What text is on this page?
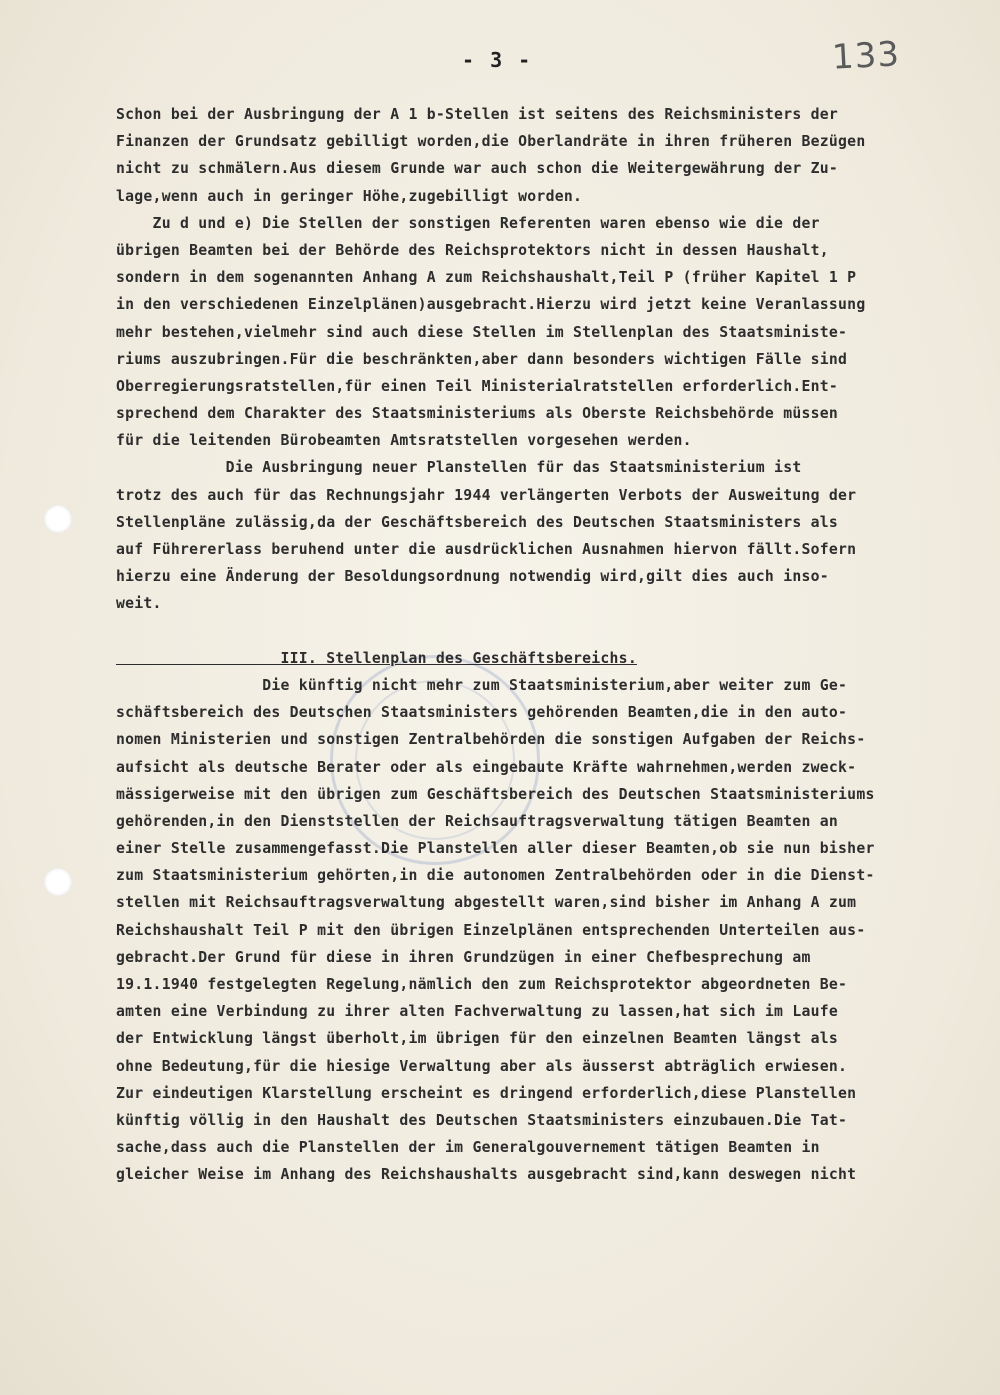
- 3 -	133
Schon bei der Ausbringung der A 1 b-Stellen ist seitens des Reichsministers der
Finanzen der Grundsatz gebilligt worden,die Oberlandräte in ihren früheren Bezügen
nicht zu schmälern.Aus diesem Grunde war auch schon die Weitergewährung der Zu-
lage,wenn auch in geringer Höhe,zugebilligt worden.
Zu d und e) Die Stellen der sonstigen Referenten waren ebenso wie die der
übrigen Beamten bei der Behörde des Reichsprotektors nicht in dessen Haushalt,
sondern in dem sogenannten Anhang A zum Reichshaushalt,Teil P (früher Kapitel 1 P
in den verschiedenen Einzelplänen)ausgebracht.Hierzu wird jetzt keine Veranlassung
mehr bestehen,vielmehr sind auch diese Stellen im Stellenplan des Staatsministe-
riums auszubringen.Für die beschränkten,aber dann besonders wichtigen Fälle sind
Oberregierungsratstellen,für einen Teil Ministerialratstellen erforderlich.Ent-
sprechend dem Charakter des Staatsministeriums als Oberste Reichsbehörde müssen
für die leitenden Bürobeamten Amtsratstellen vorgesehen werden.
Die Ausbringung neuer Planstellen für das Staatsministerium ist
trotz des auch für das Rechnungsjahr 1944 verlängerten Verbots der Ausweitung der
Stellenpläne zulässig,da der Geschäftsbereich des Deutschen Staatsministers als
auf Führererlass beruhend unter die ausdrücklichen Ausnahmen hiervon fällt.Sofern
hierzu eine Änderung der Besoldungsordnung notwendig wird,gilt dies auch inso-
weit.
III. Stellenplan des Geschäftsbereichs.
Die künftig nicht mehr zum Staatsministerium,aber weiter zum Ge-
schäftsbereich des Deutschen Staatsministers gehörenden Beamten,die in den auto-
nomen Ministerien und sonstigen Zentralbehörden die sonstigen Aufgaben der Reichs-
aufsicht als deutsche Berater oder als eingebaute Kräfte wahrnehmen,werden zweck-
mässigerweise mit den übrigen zum Geschäftsbereich des Deutschen Staatsministeriums
gehörenden,in den Dienststellen der Reichsauftragsverwaltung tätigen Beamten an
einer Stelle zusammengefasst.Die Planstellen aller dieser Beamten,ob sie nun bisher
zum Staatsministerium gehörten,in die autonomen Zentralbehörden oder in die Dienst-
stellen mit Reichsauftragsverwaltung abgestellt waren,sind bisher im Anhang A zum
Reichshaushalt Teil P mit den übrigen Einzelplänen entsprechenden Unterteilen aus-
gebracht.Der Grund für diese in ihren Grundzügen in einer Chefbesprechung am
19.1.1940 festgelegten Regelung,nämlich den zum Reichsprotektor abgeordneten Be-
amten eine Verbindung zu ihrer alten Fachverwaltung zu lassen,hat sich im Laufe
der Entwicklung längst überholt,im übrigen für den einzelnen Beamten längst als
ohne Bedeutung,für die hiesige Verwaltung aber als äusserst abträglich erwiesen.
Zur eindeutigen Klarstellung erscheint es dringend erforderlich,diese Planstellen
künftig völlig in den Haushalt des Deutschen Staatsministers einzubauen.Die Tat-
sache,dass auch die Planstellen der im Generalgouvernement tätigen Beamten in
gleicher Weise im Anhang des Reichshaushalts ausgebracht sind,kann deswegen nicht
